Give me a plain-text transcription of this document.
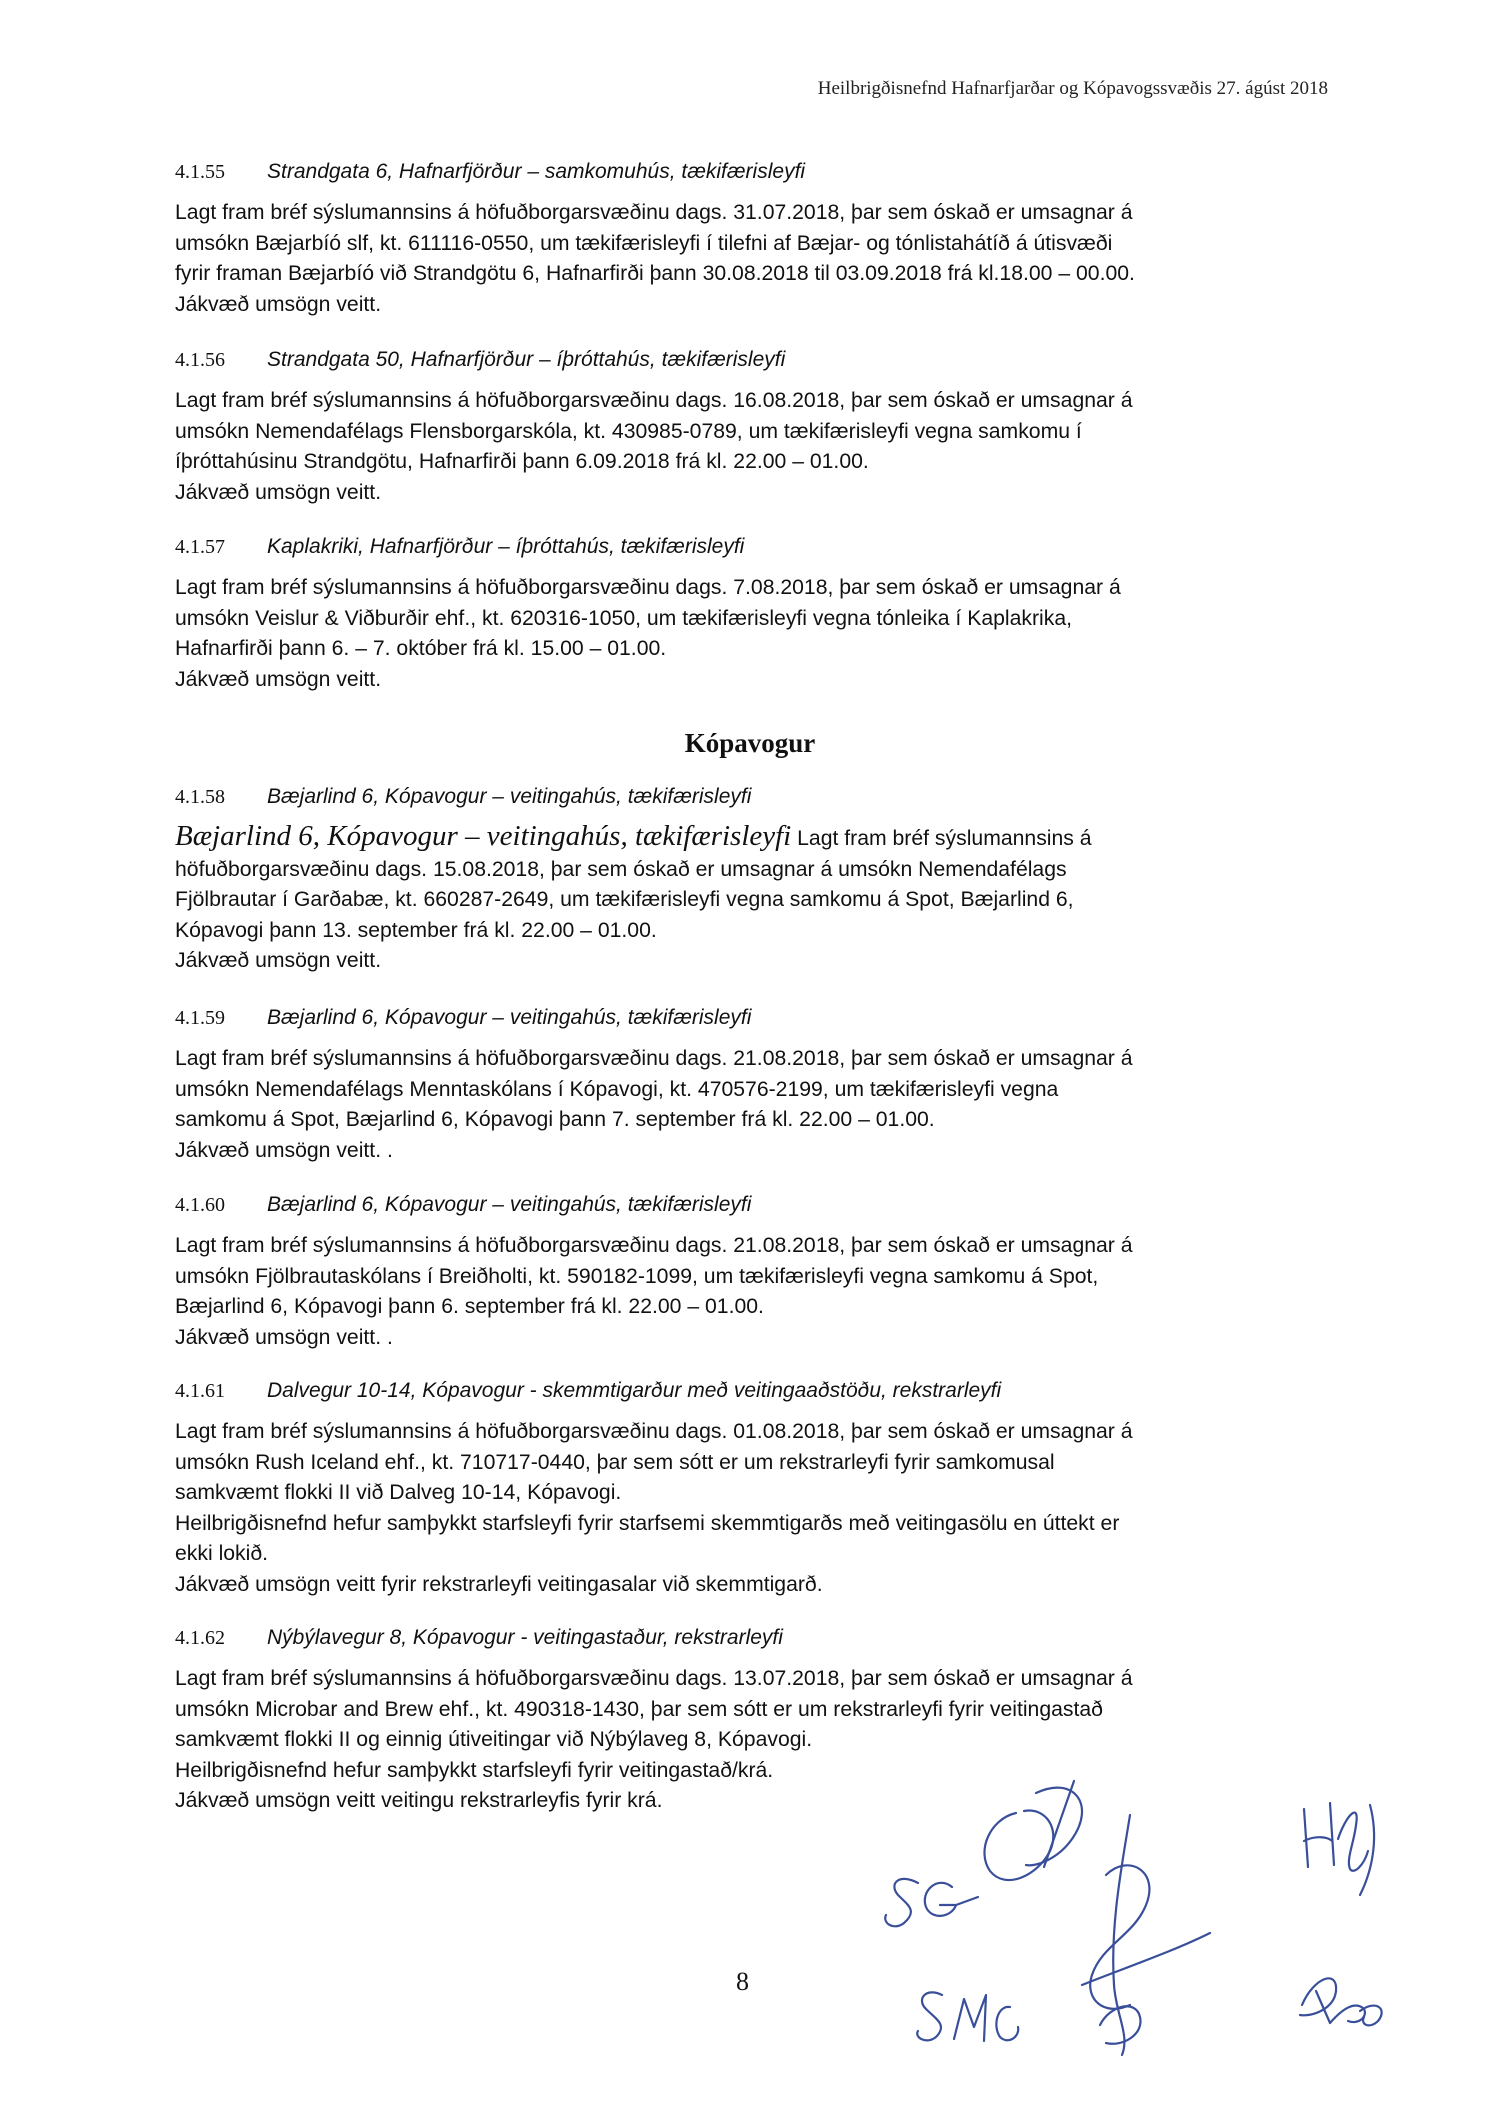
Heilbrigðisnefnd Hafnarfjarðar og Kópavogssvæðis 27. ágúst 2018
4.1.55	Strandgata 6, Hafnarfjörður – samkomuhús, tækifærisleyfi
Lagt fram bréf sýslumannsins á höfuðborgarsvæðinu dags. 31.07.2018, þar sem óskað er umsagnar á
umsókn Bæjarbíó slf, kt. 611116-0550, um tækifærisleyfi í tilefni af Bæjar- og tónlistahátíð á útisvæði
fyrir framan Bæjarbíó við Strandgötu 6, Hafnarfirði þann 30.08.2018 til 03.09.2018 frá kl.18.00 – 00.00.
Jákvæð umsögn veitt.
4.1.56	Strandgata 50, Hafnarfjörður – íþróttahús, tækifærisleyfi
Lagt fram bréf sýslumannsins á höfuðborgarsvæðinu dags. 16.08.2018, þar sem óskað er umsagnar á
umsókn Nemendafélags Flensborgarskóla, kt. 430985-0789, um tækifærisleyfi vegna samkomu í
íþróttahúsinu Strandgötu, Hafnarfirði þann 6.09.2018 frá kl. 22.00 – 01.00.
Jákvæð umsögn veitt.
4.1.57	Kaplakriki, Hafnarfjörður – íþróttahús, tækifærisleyfi
Lagt fram bréf sýslumannsins á höfuðborgarsvæðinu dags. 7.08.2018, þar sem óskað er umsagnar á
umsókn Veislur & Viðburðir ehf., kt. 620316-1050, um tækifærisleyfi vegna tónleika í Kaplakrika,
Hafnarfirði þann 6. – 7. október frá kl. 15.00 – 01.00.
Jákvæð umsögn veitt.
Kópavogur
4.1.58	Bæjarlind 6, Kópavogur – veitingahús, tækifærisleyfi
Bæjarlind 6, Kópavogur – veitingahús, tækifærisleyfi Lagt fram bréf sýslumannsins á
höfuðborgarsvæðinu dags. 15.08.2018, þar sem óskað er umsagnar á umsókn Nemendafélags
Fjölbrautar í Garðabæ, kt. 660287-2649, um tækifærisleyfi vegna samkomu á Spot, Bæjarlind 6,
Kópavogi þann 13. september frá kl. 22.00 – 01.00.
Jákvæð umsögn veitt.
4.1.59	Bæjarlind 6, Kópavogur – veitingahús, tækifærisleyfi
Lagt fram bréf sýslumannsins á höfuðborgarsvæðinu dags. 21.08.2018, þar sem óskað er umsagnar á
umsókn Nemendafélags Menntaskólans í Kópavogi, kt. 470576-2199, um tækifærisleyfi vegna
samkomu á Spot, Bæjarlind 6, Kópavogi þann 7. september frá kl. 22.00 – 01.00.
Jákvæð umsögn veitt. .
4.1.60	Bæjarlind 6, Kópavogur – veitingahús, tækifærisleyfi
Lagt fram bréf sýslumannsins á höfuðborgarsvæðinu dags. 21.08.2018, þar sem óskað er umsagnar á
umsókn Fjölbrautaskólans í Breiðholti, kt. 590182-1099, um tækifærisleyfi vegna samkomu á Spot,
Bæjarlind 6, Kópavogi þann 6. september frá kl. 22.00 – 01.00.
Jákvæð umsögn veitt. .
4.1.61	Dalvegur 10-14, Kópavogur - skemmtigarður með veitingaaðstöðu, rekstrarleyfi
Lagt fram bréf sýslumannsins á höfuðborgarsvæðinu dags. 01.08.2018, þar sem óskað er umsagnar á
umsókn Rush Iceland ehf., kt. 710717-0440, þar sem sótt er um rekstrarleyfi fyrir samkomusal
samkvæmt flokki II við Dalveg 10-14, Kópavogi.
Heilbrigðisnefnd hefur samþykkt starfsleyfi fyrir starfsemi skemmtigarðs með veitingasölu en úttekt er
ekki lokið.
Jákvæð umsögn veitt fyrir rekstrarleyfi veitingasalar við skemmtigarð.
4.1.62	Nýbýlavegur 8, Kópavogur - veitingastaður, rekstrarleyfi
Lagt fram bréf sýslumannsins á höfuðborgarsvæðinu dags. 13.07.2018, þar sem óskað er umsagnar á
umsókn Microbar and Brew ehf., kt. 490318-1430, þar sem sótt er um rekstrarleyfi fyrir veitingastað
samkvæmt flokki II og einnig útiveitingar við Nýbýlaveg 8, Kópavogi.
Heilbrigðisnefnd hefur samþykkt starfsleyfi fyrir veitingastað/krá.
Jákvæð umsögn veitt veitingu rekstrarleyfis fyrir krá.
8
